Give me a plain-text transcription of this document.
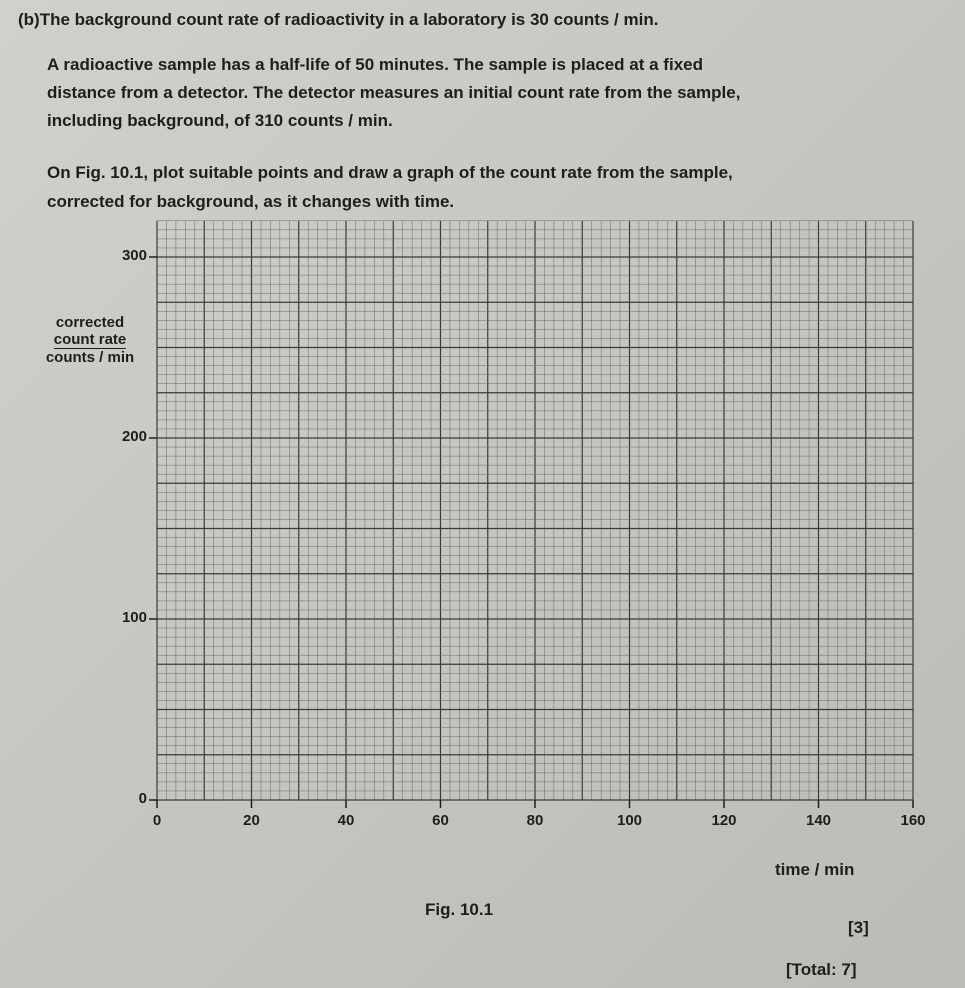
(b)The background count rate of radioactivity in a laboratory is 30 counts / min.
A radioactive sample has a half-life of 50 minutes. The sample is placed at a fixed
distance from a detector. The detector measures an initial count rate from the sample,
including background, of 310 counts / min.
On Fig. 10.1, plot suitable points and draw a graph of the count rate from the sample,
corrected for background, as it changes with time.
corrected
count rate
counts / min
0
100
200
300
0	20	40	60	80	100	120	140	160
time / min
Fig. 10.1
[3]
[Total: 7]
